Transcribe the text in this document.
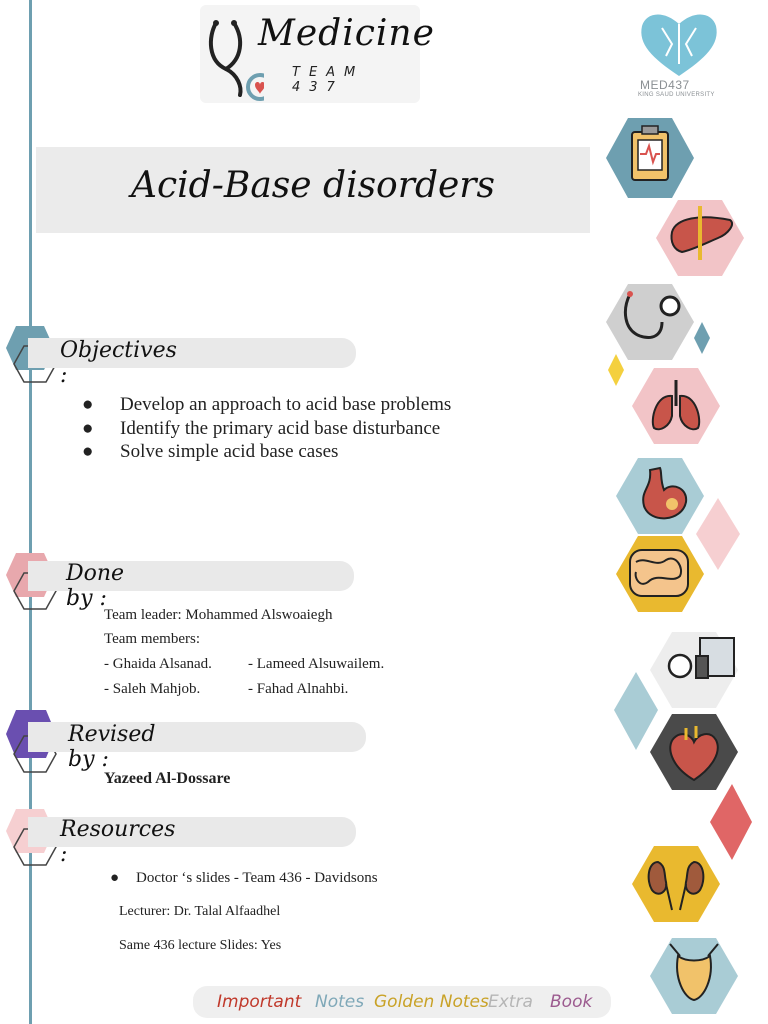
Medicine
TEAM 437	MED437
KING SAUD UNIVERSITY
Acid-Base disorders
Objectives :
● Develop an approach to acid base problems
● Identify the primary acid base disturbance
● Solve simple acid base cases
Done by :
Team leader: Mohammed Alswoaiegh
Team members:
- Ghaida Alsanad. - Lameed Alsuwailem.
- Saleh Mahjob.	- Fahad Alnahbi.
Revised by :
Yazeed Al-Dossare
Resources :
● Doctor ‘s slides - Team 436 - Davidsons
Lecturer: Dr. Talal Alfaadhel
Same 436 lecture Slides: Yes
Important Notes Golden Notes Extra Book
